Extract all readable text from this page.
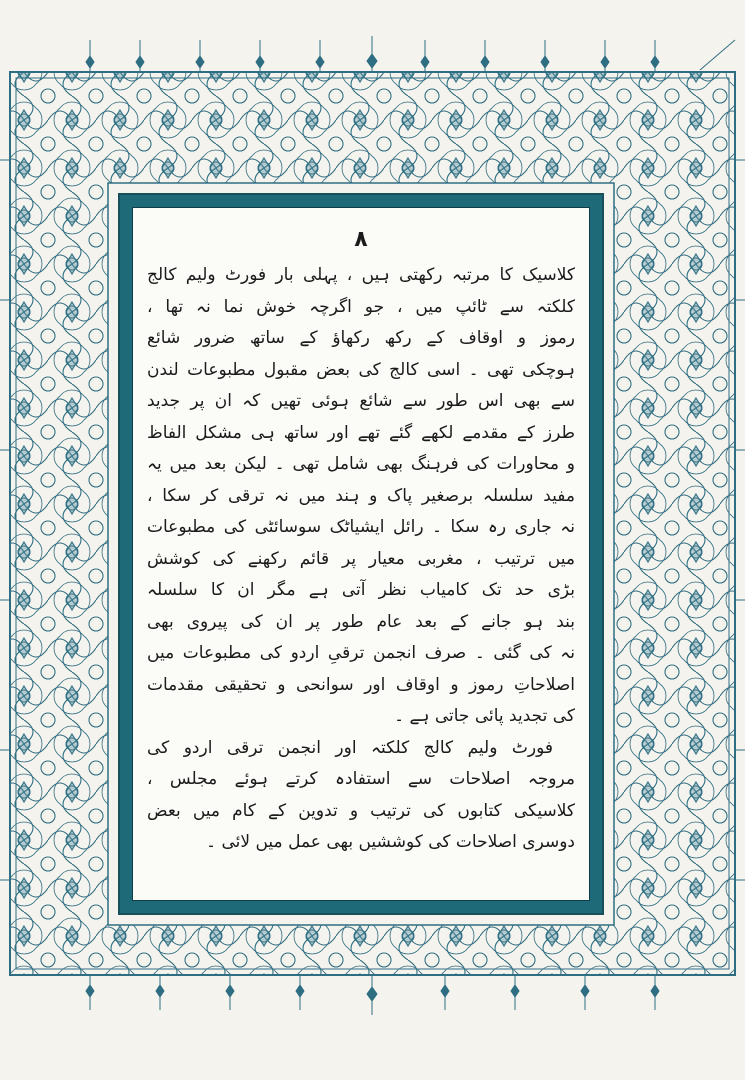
۸
کلاسیک کا مرتبہ رکھتی ہیں ، پہلی بار فورٹ ولیم کالج
کلکتہ سے ٹائپ میں ، جو اگرچہ خوش نما نہ تھا ،
رموز و اوقاف کے رکھ رکھاؤ کے ساتھ ضرور شائع
ہوچکی تھی ۔ اسی کالج کی بعض مقبول مطبوعات لندن
سے بھی اس طور سے شائع ہوئی تھیں کہ ان پر جدید
طرز کے مقدمے لکھے گئے تھے اور ساتھ ہی مشکل الفاظ
و محاورات کی فرہنگ بھی شامل تھی ۔ لیکن بعد میں یہ
مفید سلسلہ برصغیر پاک و ہند میں نہ ترقی کر سکا ،
نہ جاری رہ سکا ۔ رائل ایشیاٹک سوسائٹی کی مطبوعات
میں ترتیب ، مغربی معیار پر قائم رکھنے کی کوشش
بڑی حد تک کامیاب نظر آتی ہے مگر ان کا سلسلہ
بند ہو جانے کے بعد عام طور پر ان کی پیروی بھی
نہ کی گئی ۔ صرف انجمن ترقیِ اردو کی مطبوعات میں
اصلاحاتِ رموز و اوقاف اور سوانحی و تحقیقی مقدمات
کی تجدید پائی جاتی ہے ۔
فورٹ ولیم کالج کلکتہ اور انجمن ترقی اردو کی
مروجہ اصلاحات سے استفادہ کرتے ہوئے مجلس ،
کلاسیکی کتابوں کی ترتیب و تدوین کے کام میں بعض
دوسری اصلاحات کی کوششیں بھی عمل میں لائی ۔
